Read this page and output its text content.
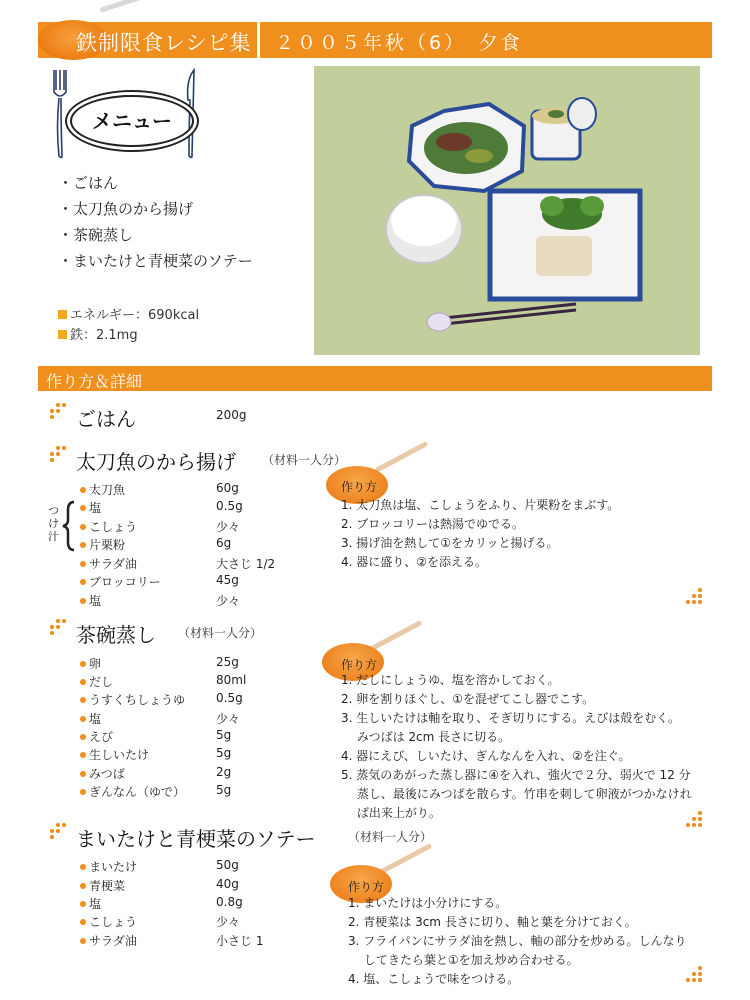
鉄制限食レシピ集 ２００５年秋（6）　夕食
メニュー
・ごはん
・太刀魚のから揚げ
・茶碗蒸し
・まいたけと青梗菜のソテー
エネルギー：690kcal
鉄：2.1mg
作り方＆詳細
ごはん	200g
太刀魚のから揚げ （材料一人分）
太刀魚	60g
塩	0.5g
こしょう	少々
片栗粉	6g
サラダ油	大さじ 1/2
ブロッコリー	45g
塩	少々
つ
け
汁
作り方
1. 太刀魚は塩、こしょうをふり、片栗粉をまぶす。
2. ブロッコリーは熱湯でゆでる。
3. 揚げ油を熱して①をカリッと揚げる。
4. 器に盛り、②を添える。
茶碗蒸し （材料一人分）
卵	25g
だし	80ml
うすくちしょうゆ	0.5g
塩	少々
えび	5g
生しいたけ	5g
みつば	2g
ぎんなん（ゆで）	5g
作り方
1. だしにしょうゆ、塩を溶かしておく。
2. 卵を割りほぐし、①を混ぜてこし器でこす。
3. 生しいたけは軸を取り、そぎ切りにする。えびは殻をむく。
　 みつばは 2cm 長さに切る。
4. 器にえび、しいたけ、ぎんなんを入れ、②を注ぐ。
5. 蒸気のあがった蒸し器に④を入れ、強火で２分、弱火で 12 分
　 蒸し、最後にみつばを散らす。竹串を刺して卵液がつかなけれ
　 ば出来上がり。
まいたけと青梗菜のソテー	（材料一人分）
まいたけ	50g
青梗菜	40g
塩	0.8g
こしょう	少々
サラダ油	小さじ 1
作り方
1. まいたけは小分けにする。
2. 青梗菜は 3cm 長さに切り、軸と葉を分けておく。
3. フライパンにサラダ油を熱し、軸の部分を炒める。しんなり
　 してきたら葉と①を加え炒め合わせる。
4. 塩、こしょうで味をつける。
